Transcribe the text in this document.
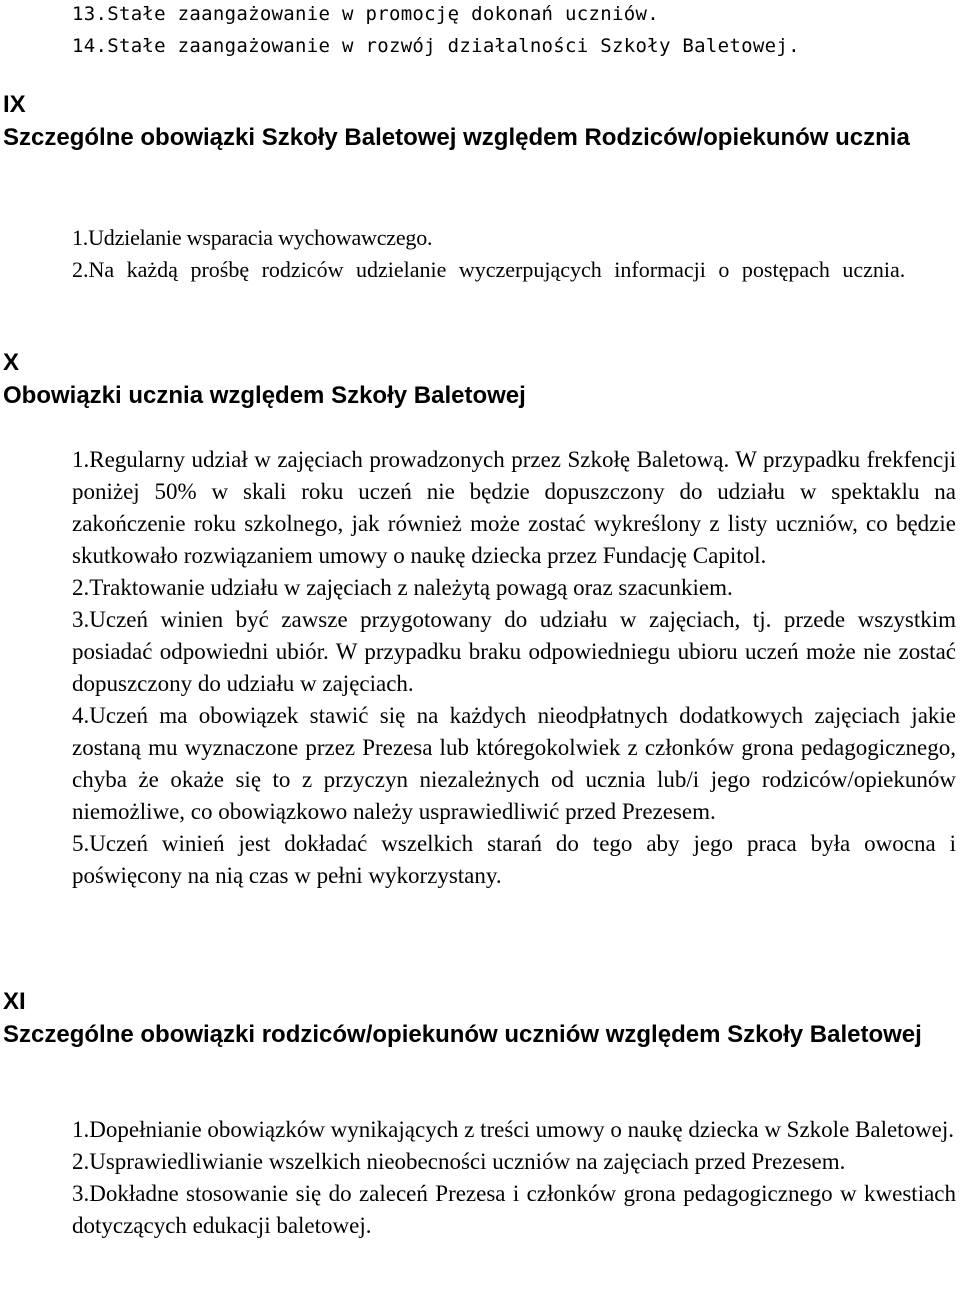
13.Stałe zaangażowanie w promocję dokonań uczniów.
14.Stałe zaangażowanie w rozwój działalności Szkoły Baletowej.
IX
Szczególne obowiązki Szkoły Baletowej względem Rodziców/opiekunów ucznia
1.Udzielanie wsparacia wychowawczego.
2.Na każdą prośbę rodziców udzielanie wyczerpujących informacji o postępach ucznia.
X
Obowiązki ucznia względem Szkoły Baletowej
1.Regularny udział w zajęciach prowadzonych przez Szkołę Baletową. W przypadku frekfencji poniżej 50% w skali roku uczeń nie będzie dopuszczony do udziału w spektaklu na zakończenie roku szkolnego, jak również może zostać wykreślony z listy uczniów, co będzie skutkowało rozwiązaniem umowy o naukę dziecka przez Fundację Capitol.
2.Traktowanie udziału w zajęciach z należytą powagą oraz szacunkiem.
3.Uczeń winien być zawsze przygotowany do udziału w zajęciach, tj. przede wszystkim posiadać odpowiedni ubiór. W przypadku braku odpowiedniegu ubioru uczeń może nie zostać dopuszczony do udziału w zajęciach.
4.Uczeń ma obowiązek stawić się na każdych nieodpłatnych dodatkowych zajęciach jakie zostaną mu wyznaczone przez Prezesa lub któregokolwiek z członków grona pedagogicznego, chyba że okaże się to z przyczyn niezależnych od ucznia lub/i jego rodziców/opiekunów niemożliwe, co obowiązkowo należy usprawiedliwić przed Prezesem.
5.Uczeń winień jest dokładać wszelkich starań do tego aby jego praca była owocna i poświęcony na nią czas w pełni wykorzystany.
XI
Szczególne obowiązki rodziców/opiekunów uczniów względem Szkoły Baletowej
1.Dopełnianie obowiązków wynikających z treści umowy o naukę dziecka w Szkole Baletowej.
2.Usprawiedliwianie wszelkich nieobecności uczniów na zajęciach przed Prezesem.
3.Dokładne stosowanie się do zaleceń Prezesa i członków grona pedagogicznego w kwestiach dotyczących edukacji baletowej.
